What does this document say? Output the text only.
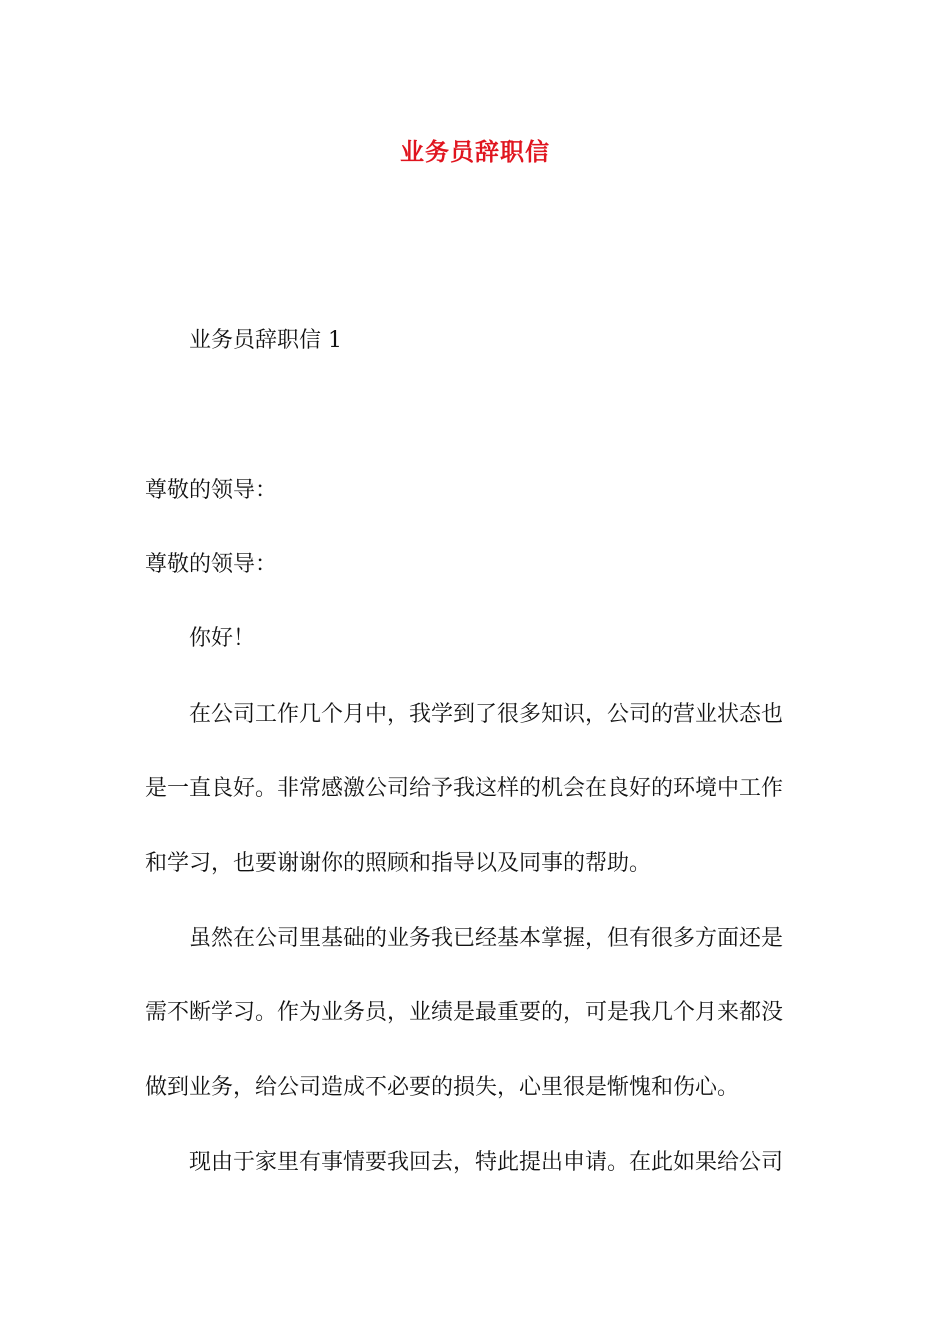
业务员辞职信
业务员辞职信 1
尊敬的领导：
尊敬的领导：
你好！
在公司工作几个月中，我学到了很多知识，公司的营业状态也
是一直良好。非常感激公司给予我这样的机会在良好的环境中工作
和学习，也要谢谢你的照顾和指导以及同事的帮助。
虽然在公司里基础的业务我已经基本掌握，但有很多方面还是
需不断学习。作为业务员，业绩是最重要的，可是我几个月来都没
做到业务，给公司造成不必要的损失，心里很是惭愧和伤心。
现由于家里有事情要我回去，特此提出申请。在此如果给公司
